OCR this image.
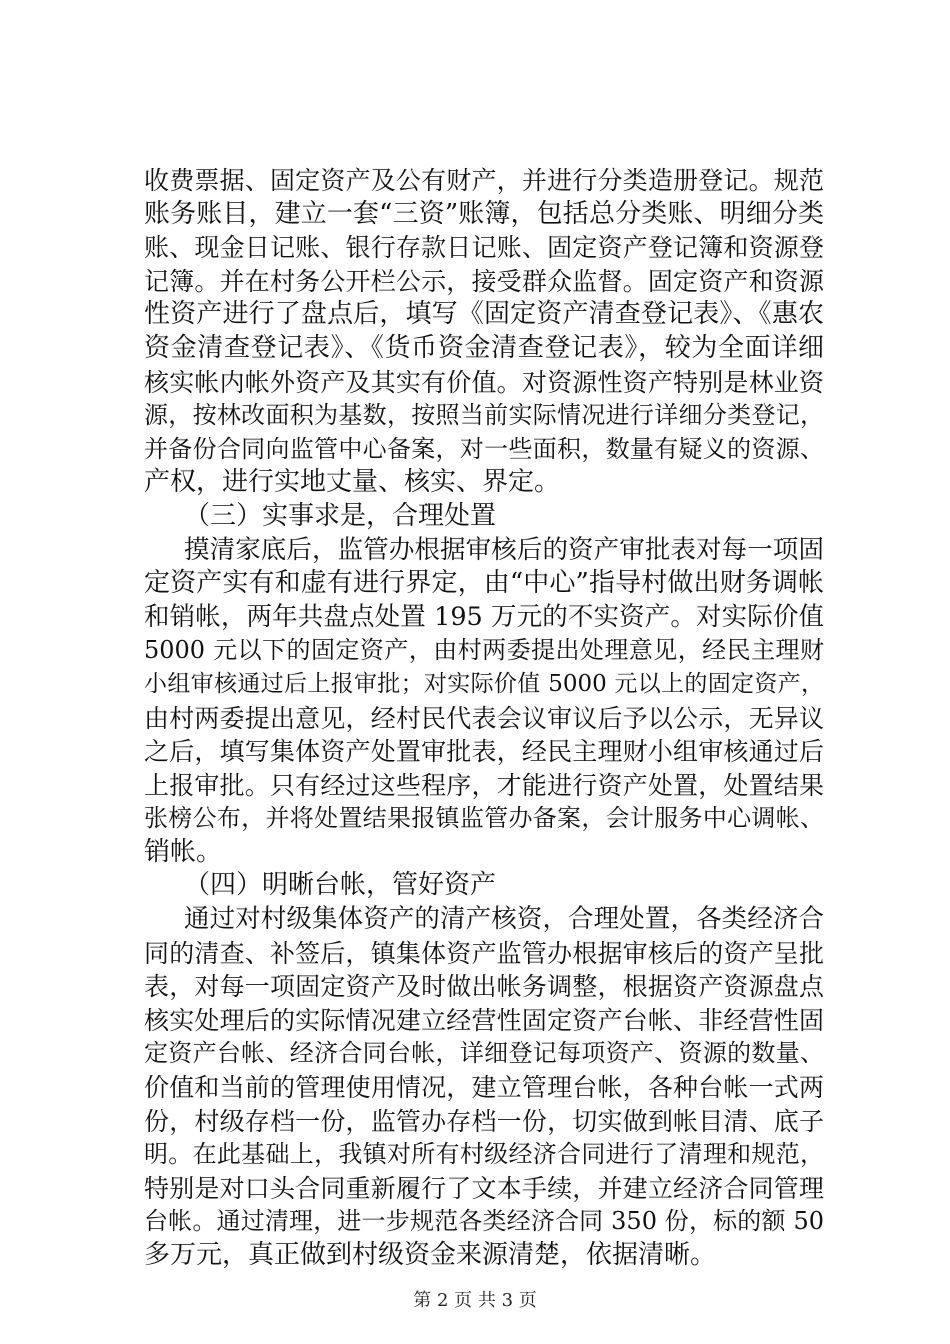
收费票据、固定资产及公有财产，并进行分类造册登记。规范
账务账目，建立一套“三资”账簿，包括总分类账、明细分类
账、现金日记账、银行存款日记账、固定资产登记簿和资源登
记簿。并在村务公开栏公示，接受群众监督。固定资产和资源
性资产进行了盘点后，填写《固定资产清查登记表》、《惠农
资金清查登记表》、《货币资金清查登记表》，较为全面详细
核实帐内帐外资产及其实有价值。对资源性资产特别是林业资
源，按林改面积为基数，按照当前实际情况进行详细分类登记，
并备份合同向监管中心备案，对一些面积，数量有疑义的资源、
产权，进行实地丈量、核实、界定。
（三）实事求是，合理处置
摸清家底后，监管办根据审核后的资产审批表对每一项固
定资产实有和虚有进行界定，由“中心”指导村做出财务调帐
和销帐，两年共盘点处置 195 万元的不实资产。对实际价值
5000 元以下的固定资产，由村两委提出处理意见，经民主理财
小组审核通过后上报审批；对实际价值 5000 元以上的固定资产，
由村两委提出意见，经村民代表会议审议后予以公示，无异议
之后，填写集体资产处置审批表，经民主理财小组审核通过后
上报审批。只有经过这些程序，才能进行资产处置，处置结果
张榜公布，并将处置结果报镇监管办备案，会计服务中心调帐、
销帐。
（四）明晰台帐，管好资产
通过对村级集体资产的清产核资，合理处置，各类经济合
同的清查、补签后，镇集体资产监管办根据审核后的资产呈批
表，对每一项固定资产及时做出帐务调整，根据资产资源盘点
核实处理后的实际情况建立经营性固定资产台帐、非经营性固
定资产台帐、经济合同台帐，详细登记每项资产、资源的数量、
价值和当前的管理使用情况，建立管理台帐，各种台帐一式两
份，村级存档一份，监管办存档一份，切实做到帐目清、底子
明。在此基础上，我镇对所有村级经济合同进行了清理和规范，
特别是对口头合同重新履行了文本手续，并建立经济合同管理
台帐。通过清理，进一步规范各类经济合同 350 份，标的额 50
多万元，真正做到村级资金来源清楚，依据清晰。
第 2 页 共 3 页
